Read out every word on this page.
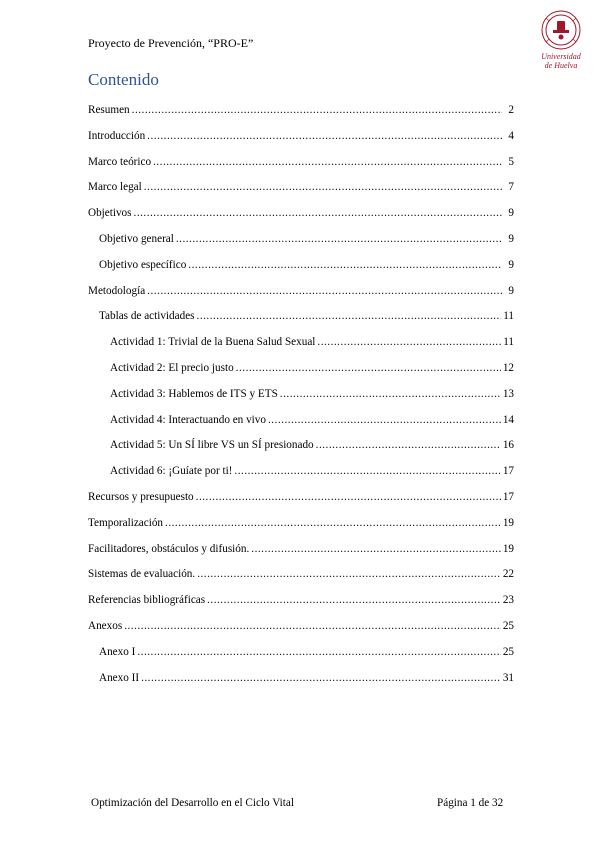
Proyecto de Prevención, “PRO-E”
Universidad
de Huelva
Contenido
Resumen .....	2
Introducción .....	4
Marco teórico .....	5
Marco legal .....	7
Objetivos .....	9
Objetivo general .....	9
Objetivo específico .....	9
Metodología .....	9
Tablas de actividades .....	11
Actividad 1: Trivial de la Buena Salud Sexual .....	11
Actividad 2: El precio justo .....	12
Actividad 3: Hablemos de ITS y ETS .....	13
Actividad 4: Interactuando en vivo .....	14
Actividad 5: Un SÍ libre VS un SÍ presionado .....	16
Actividad 6: ¡Guíate por ti! .....	17
Recursos y presupuesto .....	17
Temporalización .....	19
Facilitadores, obstáculos y difusión. .....	19
Sistemas de evaluación. .....	22
Referencias bibliográficas .....	23
Anexos .....	25
Anexo I .....	25
Anexo II .....	31
Optimización del Desarrollo en el Ciclo Vital	Página 1 de 32
